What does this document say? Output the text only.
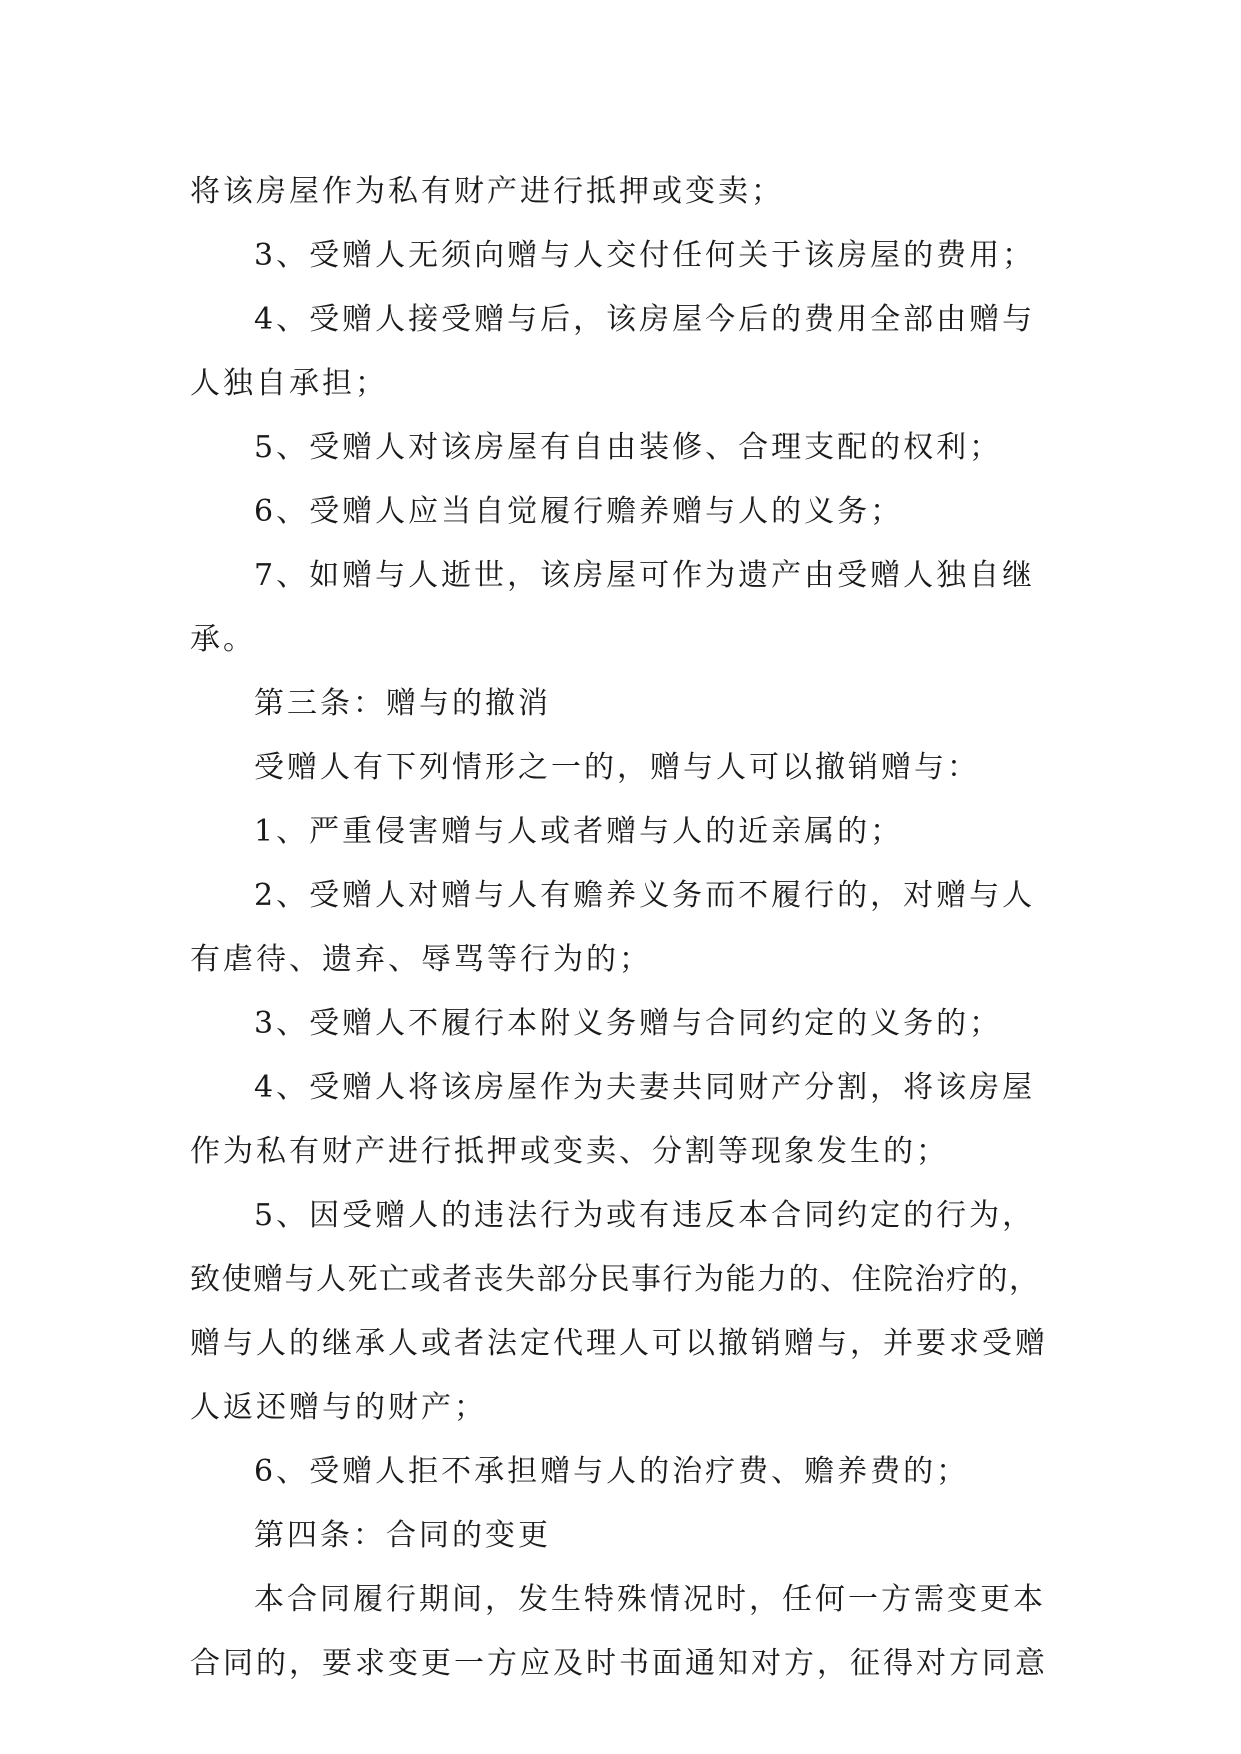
将该房屋作为私有财产进行抵押或变卖；
3、受赠人无须向赠与人交付任何关于该房屋的费用；
4、受赠人接受赠与后，该房屋今后的费用全部由赠与
人独自承担；
5、受赠人对该房屋有自由装修、合理支配的权利；
6、受赠人应当自觉履行赡养赠与人的义务；
7、如赠与人逝世，该房屋可作为遗产由受赠人独自继
承。
第三条：赠与的撤消
受赠人有下列情形之一的，赠与人可以撤销赠与：
1、严重侵害赠与人或者赠与人的近亲属的；
2、受赠人对赠与人有赡养义务而不履行的，对赠与人
有虐待、遗弃、辱骂等行为的；
3、受赠人不履行本附义务赠与合同约定的义务的；
4、受赠人将该房屋作为夫妻共同财产分割，将该房屋
作为私有财产进行抵押或变卖、分割等现象发生的；
5、因受赠人的违法行为或有违反本合同约定的行为，
致使赠与人死亡或者丧失部分民事行为能力的、住院治疗的，
赠与人的继承人或者法定代理人可以撤销赠与，并要求受赠
人返还赠与的财产；
6、受赠人拒不承担赠与人的治疗费、赡养费的；
第四条：合同的变更
本合同履行期间，发生特殊情况时，任何一方需变更本
合同的，要求变更一方应及时书面通知对方，征得对方同意
